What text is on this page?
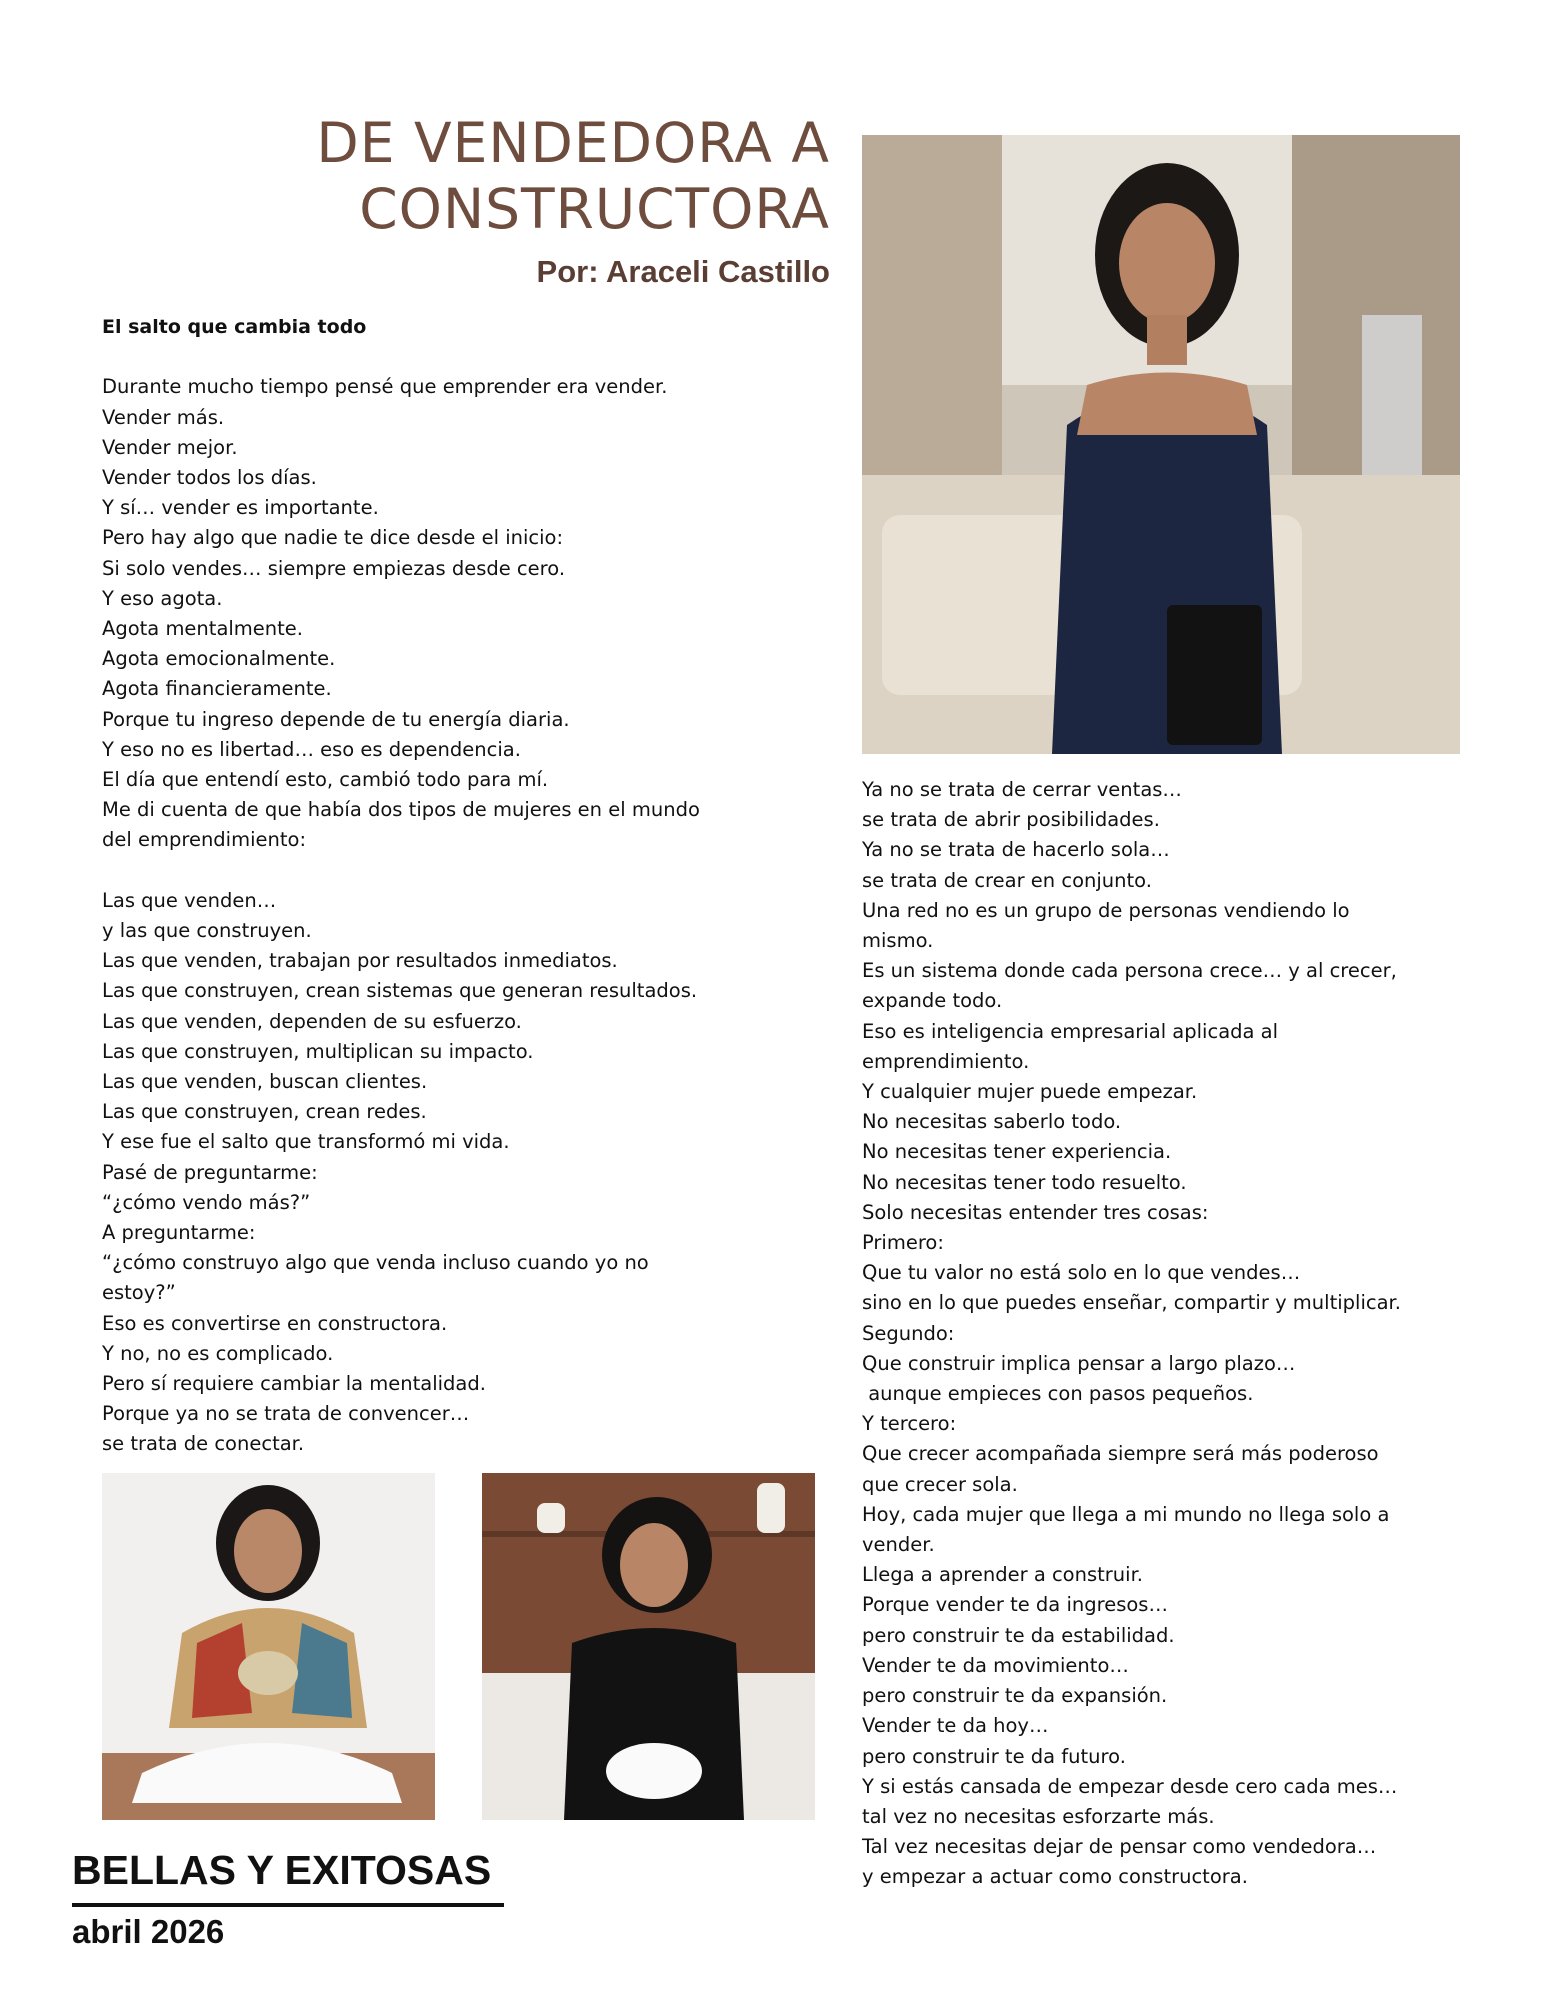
DE VENDEDORA A
CONSTRUCTORA
Por: Araceli Castillo
El salto que cambia todo
Durante mucho tiempo pensé que emprender era vender.
Vender más.
Vender mejor.
Vender todos los días.
Y sí… vender es importante.
Pero hay algo que nadie te dice desde el inicio:
Si solo vendes… siempre empiezas desde cero.
Y eso agota.
Agota mentalmente.
Agota emocionalmente.
Agota financieramente.
Porque tu ingreso depende de tu energía diaria.
Y eso no es libertad… eso es dependencia.
El día que entendí esto, cambió todo para mí.
Me di cuenta de que había dos tipos de mujeres en el mundo
del emprendimiento:
Las que venden…
y las que construyen.
Las que venden, trabajan por resultados inmediatos.
Las que construyen, crean sistemas que generan resultados.
Las que venden, dependen de su esfuerzo.
Las que construyen, multiplican su impacto.
Las que venden, buscan clientes.
Las que construyen, crean redes.
Y ese fue el salto que transformó mi vida.
Pasé de preguntarme:
“¿cómo vendo más?”
A preguntarme:
“¿cómo construyo algo que venda incluso cuando yo no
estoy?”
Eso es convertirse en constructora.
Y no, no es complicado.
Pero sí requiere cambiar la mentalidad.
Porque ya no se trata de convencer…
se trata de conectar.
Ya no se trata de cerrar ventas…
se trata de abrir posibilidades.
Ya no se trata de hacerlo sola…
se trata de crear en conjunto.
Una red no es un grupo de personas vendiendo lo
mismo.
Es un sistema donde cada persona crece… y al crecer,
expande todo.
Eso es inteligencia empresarial aplicada al
emprendimiento.
Y cualquier mujer puede empezar.
No necesitas saberlo todo.
No necesitas tener experiencia.
No necesitas tener todo resuelto.
Solo necesitas entender tres cosas:
Primero:
Que tu valor no está solo en lo que vendes…
sino en lo que puedes enseñar, compartir y multiplicar.
Segundo:
Que construir implica pensar a largo plazo…
aunque empieces con pasos pequeños.
Y tercero:
Que crecer acompañada siempre será más poderoso
que crecer sola.
Hoy, cada mujer que llega a mi mundo no llega solo a
vender.
Llega a aprender a construir.
Porque vender te da ingresos…
pero construir te da estabilidad.
Vender te da movimiento…
pero construir te da expansión.
Vender te da hoy…
pero construir te da futuro.
Y si estás cansada de empezar desde cero cada mes…
tal vez no necesitas esforzarte más.
Tal vez necesitas dejar de pensar como vendedora…
y empezar a actuar como constructora.
BELLAS Y EXITOSAS
abril 2026
